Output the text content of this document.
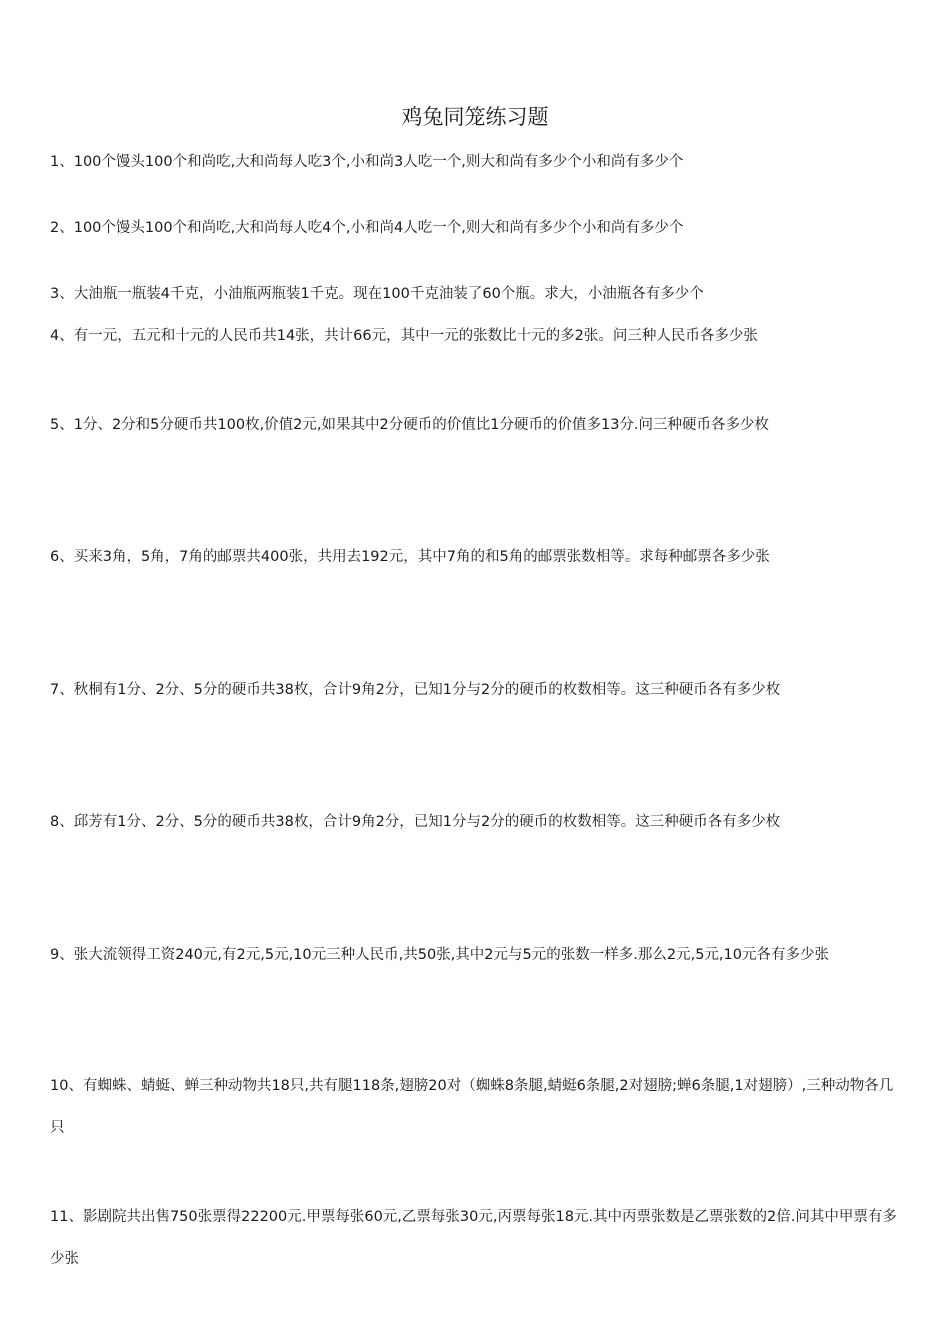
鸡兔同笼练习题

1、100个馒头100个和尚吃,大和尚每人吃3个,小和尚3人吃一个,则大和尚有多少个小和尚有多少个

2、100个馒头100个和尚吃,大和尚每人吃4个,小和尚4人吃一个,则大和尚有多少个小和尚有多少个

3、大油瓶一瓶装4千克，小油瓶两瓶装1千克。现在100千克油装了60个瓶。求大，小油瓶各有多少个

4、有一元，五元和十元的人民币共14张，共计66元，其中一元的张数比十元的多2张。问三种人民币各多少张

5、1分、2分和5分硬币共100枚,价值2元,如果其中2分硬币的价值比1分硬币的价值多13分.问三种硬币各多少枚

6、买来3角，5角，7角的邮票共400张，共用去192元，其中7角的和5角的邮票张数相等。求每种邮票各多少张

7、秋桐有1分、2分、5分的硬币共38枚，合计9角2分，已知1分与2分的硬币的枚数相等。这三种硬币各有多少枚

8、邱芳有1分、2分、5分的硬币共38枚，合计9角2分，已知1分与2分的硬币的枚数相等。这三种硬币各有多少枚

9、张大流领得工资240元,有2元,5元,10元三种人民币,共50张,其中2元与5元的张数一样多.那么2元,5元,10元各有多少张

10、有蜘蛛、蜻蜓、蝉三种动物共18只,共有腿118条,翅膀20对（蜘蛛8条腿,蜻蜓6条腿,2对翅膀;蝉6条腿,1对翅膀）,三种动物各几只

11、影剧院共出售750张票得22200元.甲票每张60元,乙票每张30元,丙票每张18元.其中丙票张数是乙票张数的2倍.问其中甲票有多少张
